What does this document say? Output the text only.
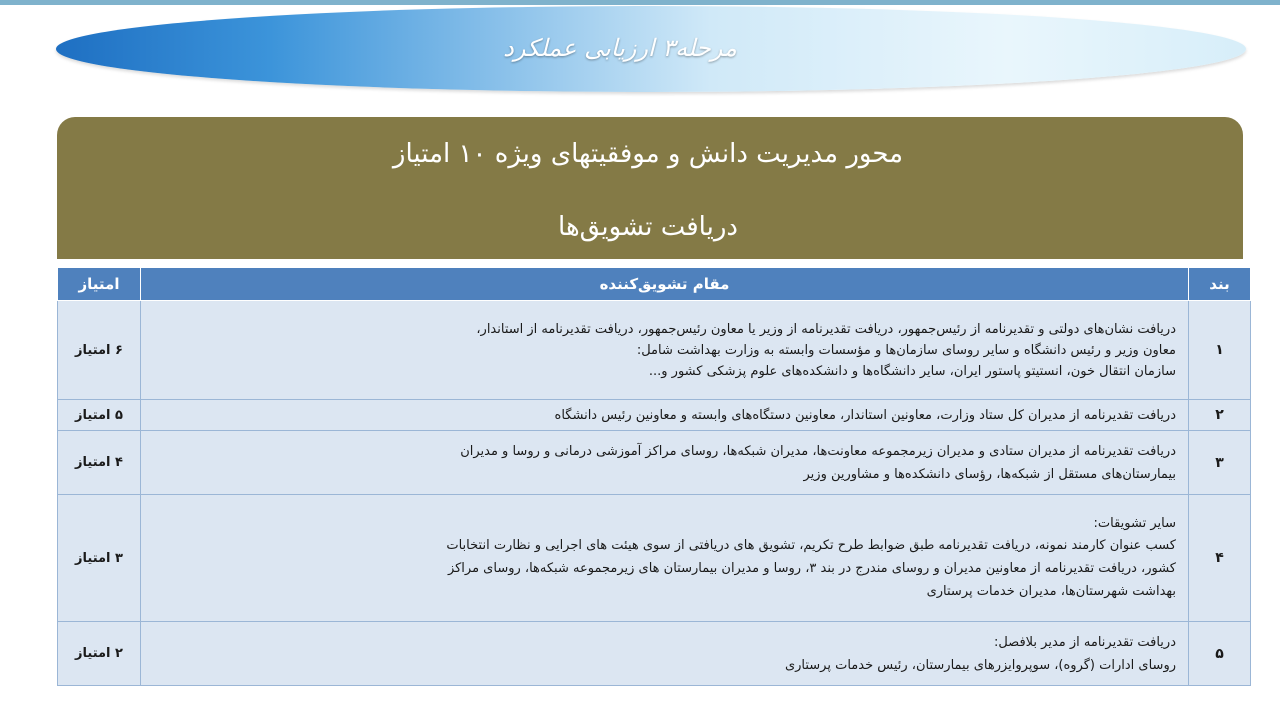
مرحله۳ ارزیابی عملکرد
محور مدیریت دانش و موفقیتهای ویژه ۱۰ امتیاز
دریافت تشویق‌ها
بند	مقام تشویق‌کننده	امتیاز
۱	دریافت نشان‌های دولتی و تقدیرنامه از رئیس‌جمهور، دریافت تقدیرنامه از وزیر یا معاون رئیس‌جمهور، دریافت تقدیرنامه از استاندار،
معاون وزیر و رئیس دانشگاه و سایر روسای سازمان‌ها و مؤسسات وابسته به وزارت بهداشت شامل:
سازمان انتقال خون، انستیتو پاستور ایران، سایر دانشگاه‌ها و دانشکده‌های علوم پزشکی کشور و...	۶ امتیاز
۲	دریافت تقدیرنامه از مدیران کل ستاد وزارت، معاونین استاندار، معاونین دستگاه‌های وابسته و معاونین رئیس دانشگاه	۵ امتیاز
۳	دریافت تقدیرنامه از مدیران ستادی و مدیران زیرمجموعه معاونت‌ها، مدیران شبکه‌ها، روسای مراکز آموزشی درمانی و روسا و مدیران
بیمارستان‌های مستقل از شبکه‌ها، رؤسای دانشکده‌ها و مشاورین وزیر	۴ امتیاز
۴	سایر تشویقات:
کسب عنوان کارمند نمونه، دریافت تقدیرنامه طبق ضوابط طرح تکریم، تشویق های دریافتی از سوی هیئت های اجرایی و نظارت انتخابات
کشور، دریافت تقدیرنامه از معاونین مدیران و روسای مندرج در بند ۳، روسا و مدیران بیمارستان های زیرمجموعه شبکه‌ها، روسای مراکز
بهداشت شهرستان‌ها، مدیران خدمات پرستاری	۳ امتیاز
۵	دریافت تقدیرنامه از مدیر بلافصل:
روسای ادارات (گروه)، سوپروایزرهای بیمارستان، رئیس خدمات پرستاری	۲ امتیاز
